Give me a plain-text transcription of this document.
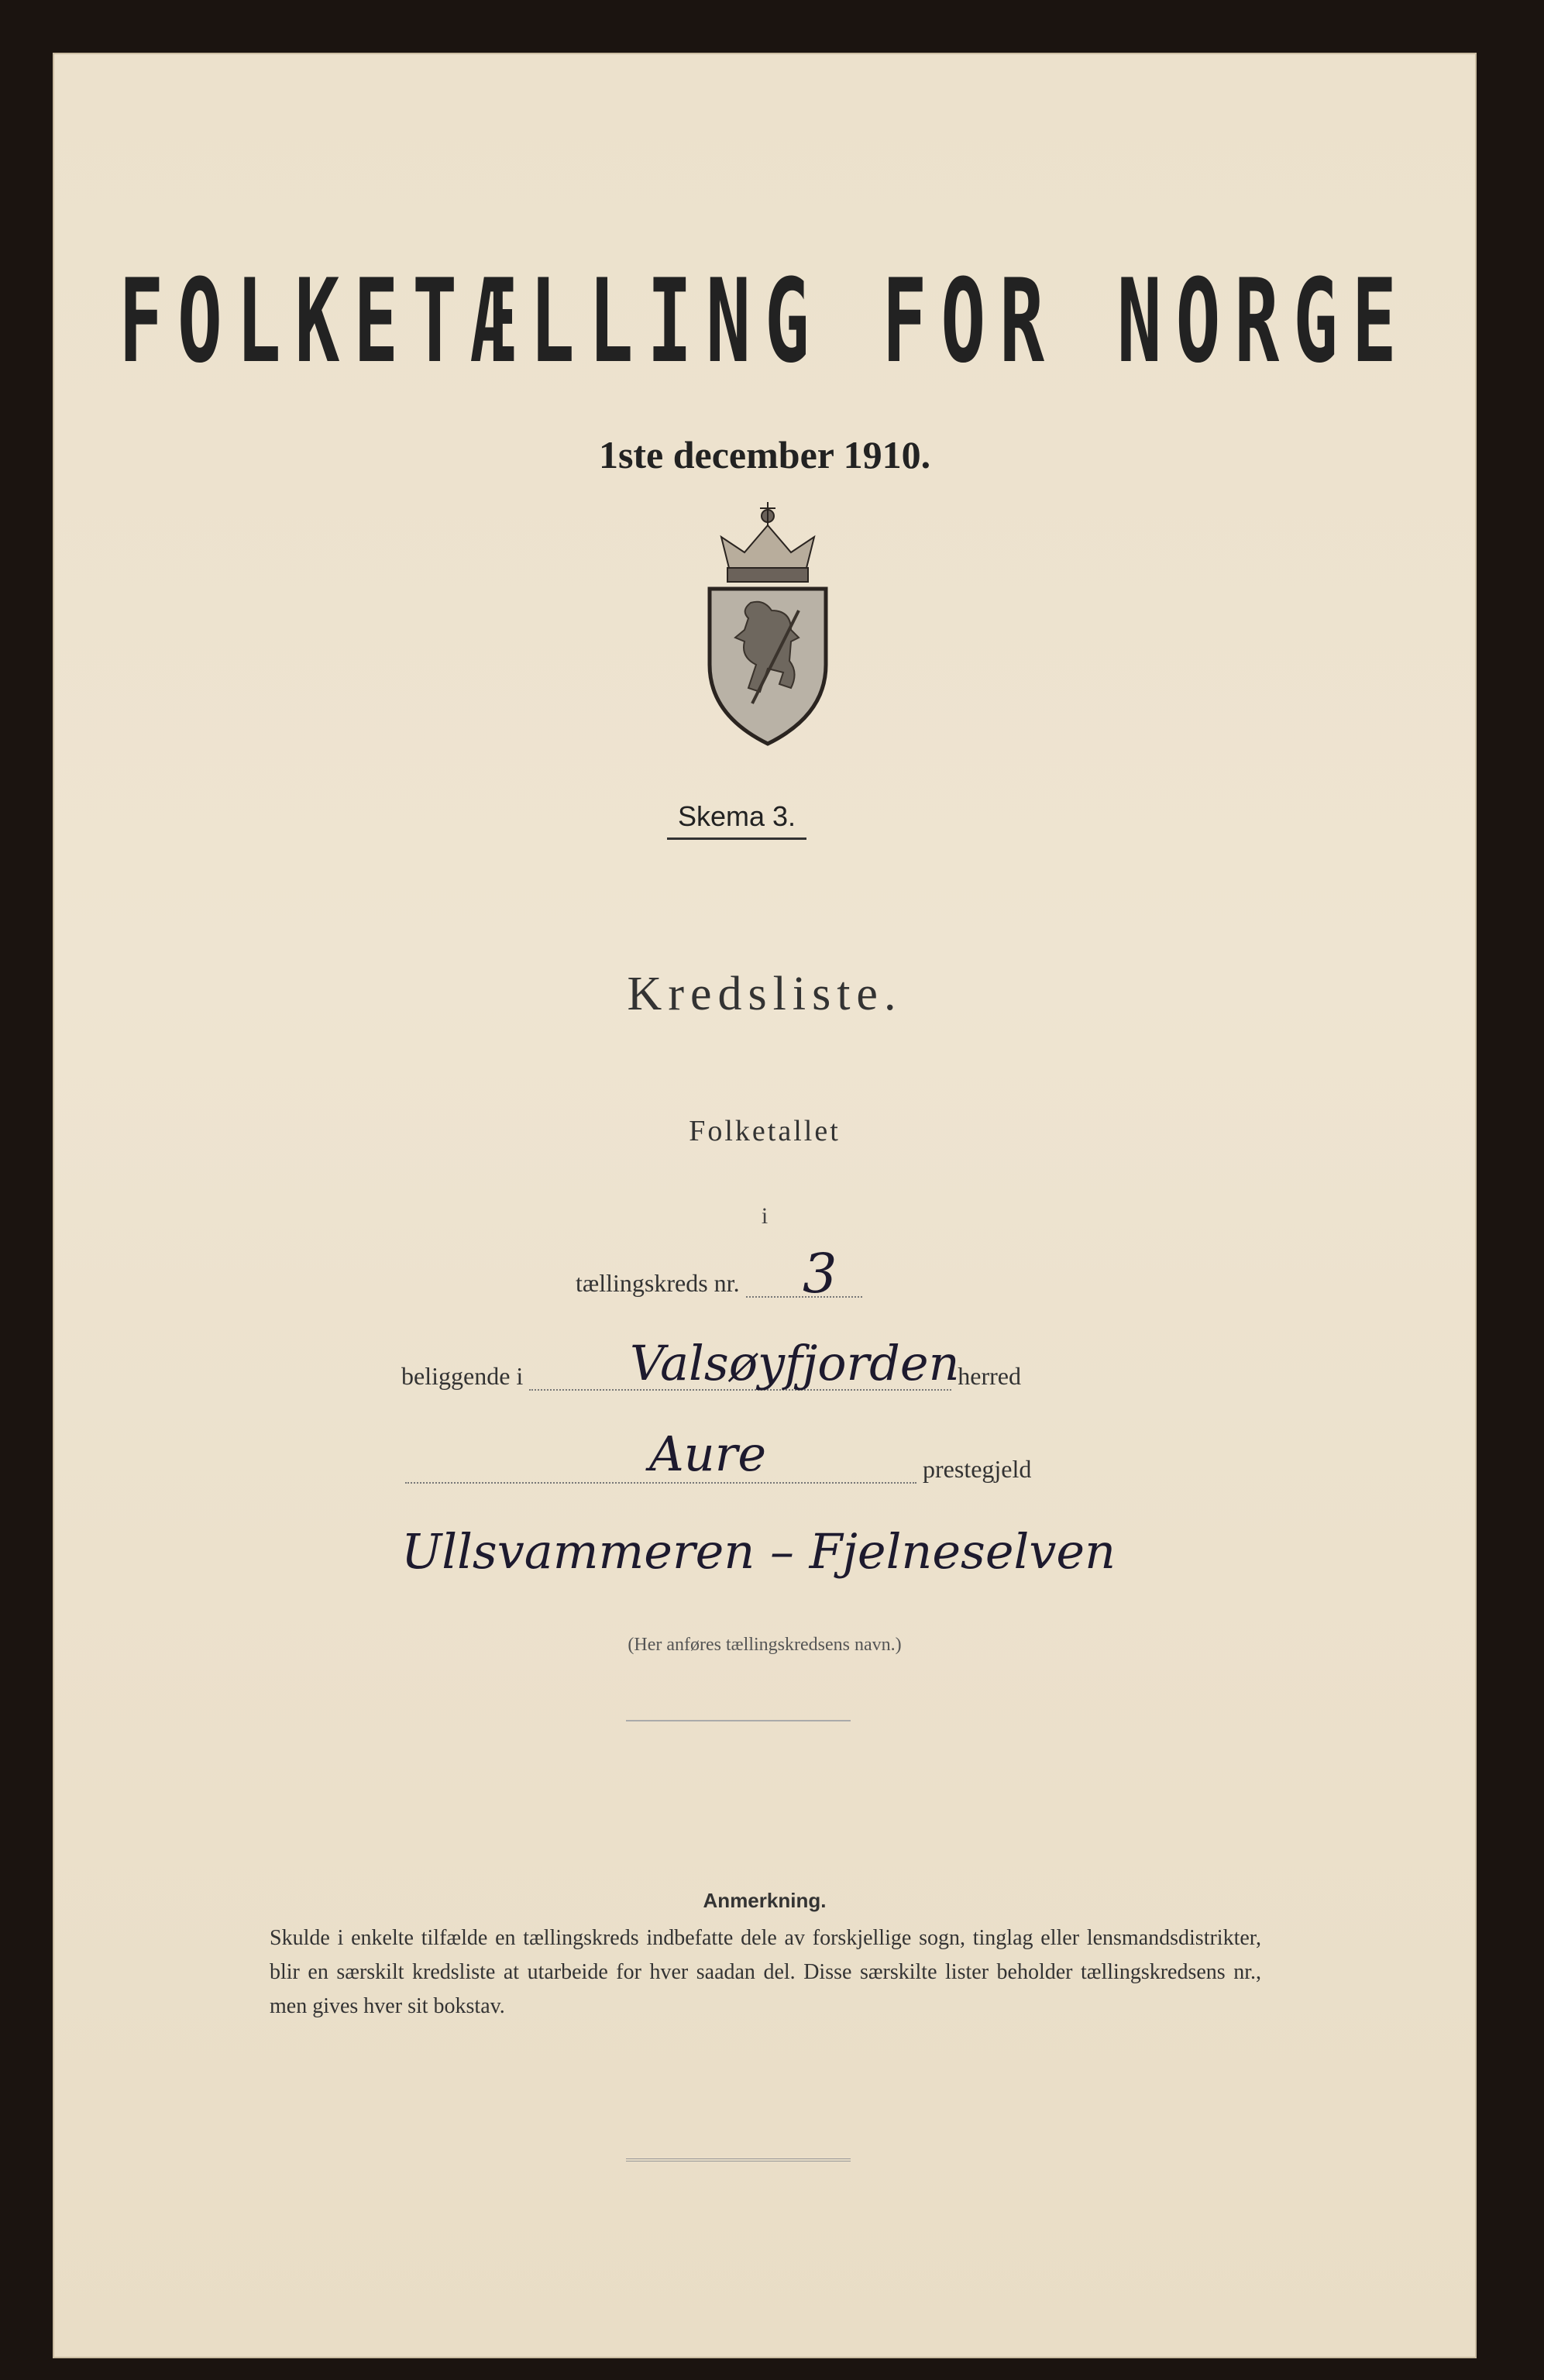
FOLKETÆLLING FOR NORGE
1ste december 1910.
Skema 3.
Kredsliste.
Folketallet
i
tællingskreds nr.	3
beliggende i	herred
Valsøyfjorden
prestegjeld
Aure
Ullsvammeren – Fjelneselven
(Her anføres tællingskredsens navn.)
Anmerkning.
Skulde i enkelte tilfælde en tællingskreds indbefatte dele av forskjellige sogn, tinglag eller lensmandsdistrikter, blir en særskilt kredsliste at utarbeide for hver saadan del. Disse særskilte lister beholder tællingskredsens nr., men gives hver sit bokstav.
